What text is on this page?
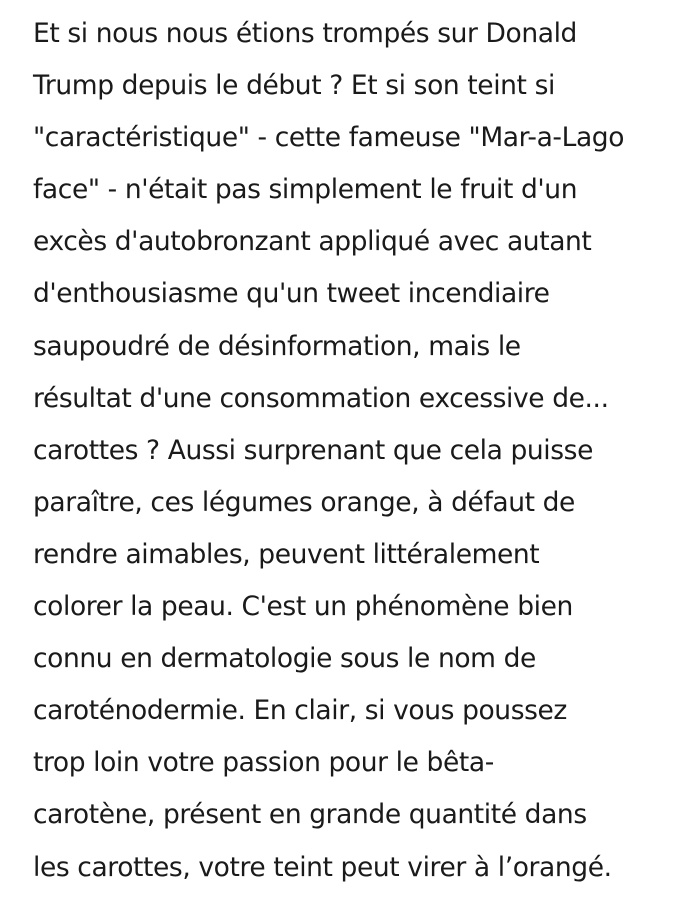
Et si nous nous étions trompés sur Donald
Trump depuis le début ? Et si son teint si
"caractéristique" - cette fameuse "Mar-a-Lago
face" - n'était pas simplement le fruit d'un
excès d'autobronzant appliqué avec autant
d'enthousiasme qu'un tweet incendiaire
saupoudré de désinformation, mais le
résultat d'une consommation excessive de...
carottes ? Aussi surprenant que cela puisse
paraître, ces légumes orange, à défaut de
rendre aimables, peuvent littéralement
colorer la peau. C'est un phénomène bien
connu en dermatologie sous le nom de
caroténodermie. En clair, si vous poussez
trop loin votre passion pour le bêta-
carotène, présent en grande quantité dans
les carottes, votre teint peut virer à l’orangé.
